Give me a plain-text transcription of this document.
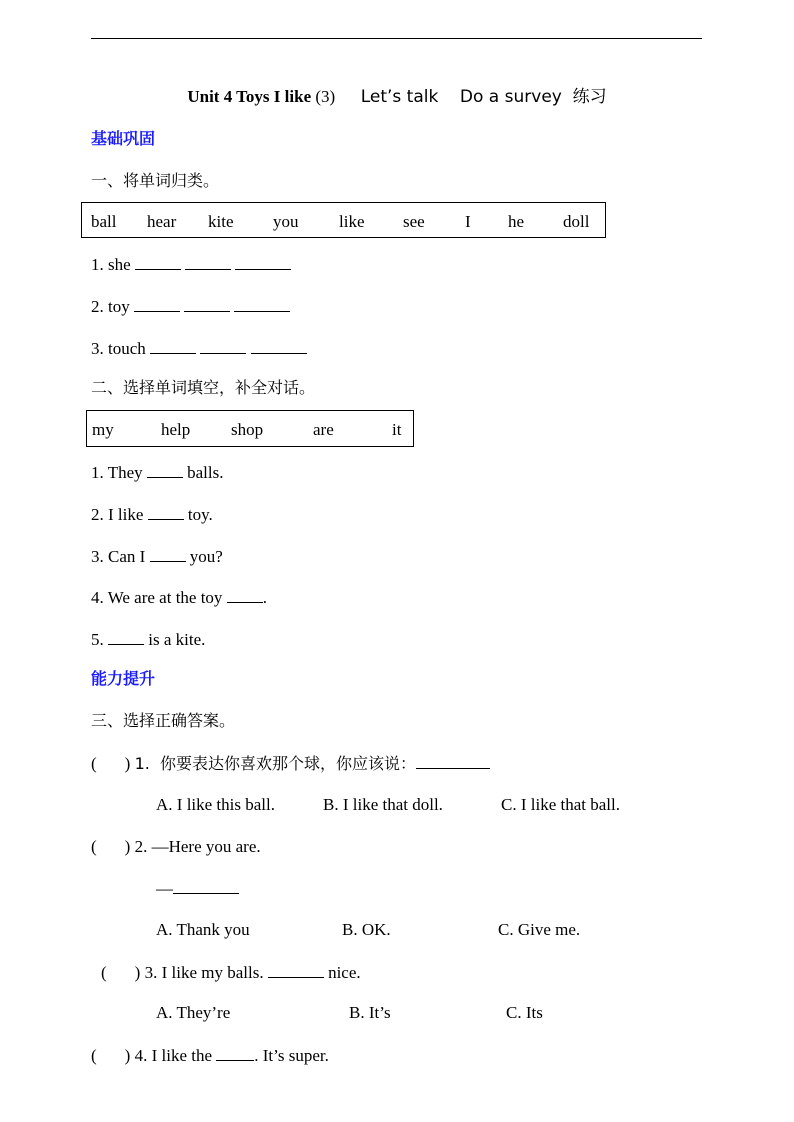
Unit 4 Toys I like (3) Let’s talk    Do a survey  练习
基础巩固
一、将单词归类。
ball hear kite you like see I he doll
1. she
2. toy
3. touch
二、选择单词填空，补全对话。
my	help shop	are	it
1. They  balls.
2. I like  toy.
3. Can I  you?
4. We are at the toy .
5.  is a kite.
能力提升
三、选择正确答案。
( ) 1.  你要表达你喜欢那个球，你应该说：
A. I like this ball.	B. I like that doll.	C. I like that ball.
( ) 2. —Here you are.
—
A. Thank you	B. OK.	C. Give me.
( ) 3. I like my balls.	nice.
A. They’re	B. It’s	C. Its
( ) 4. I like the . It’s super.
